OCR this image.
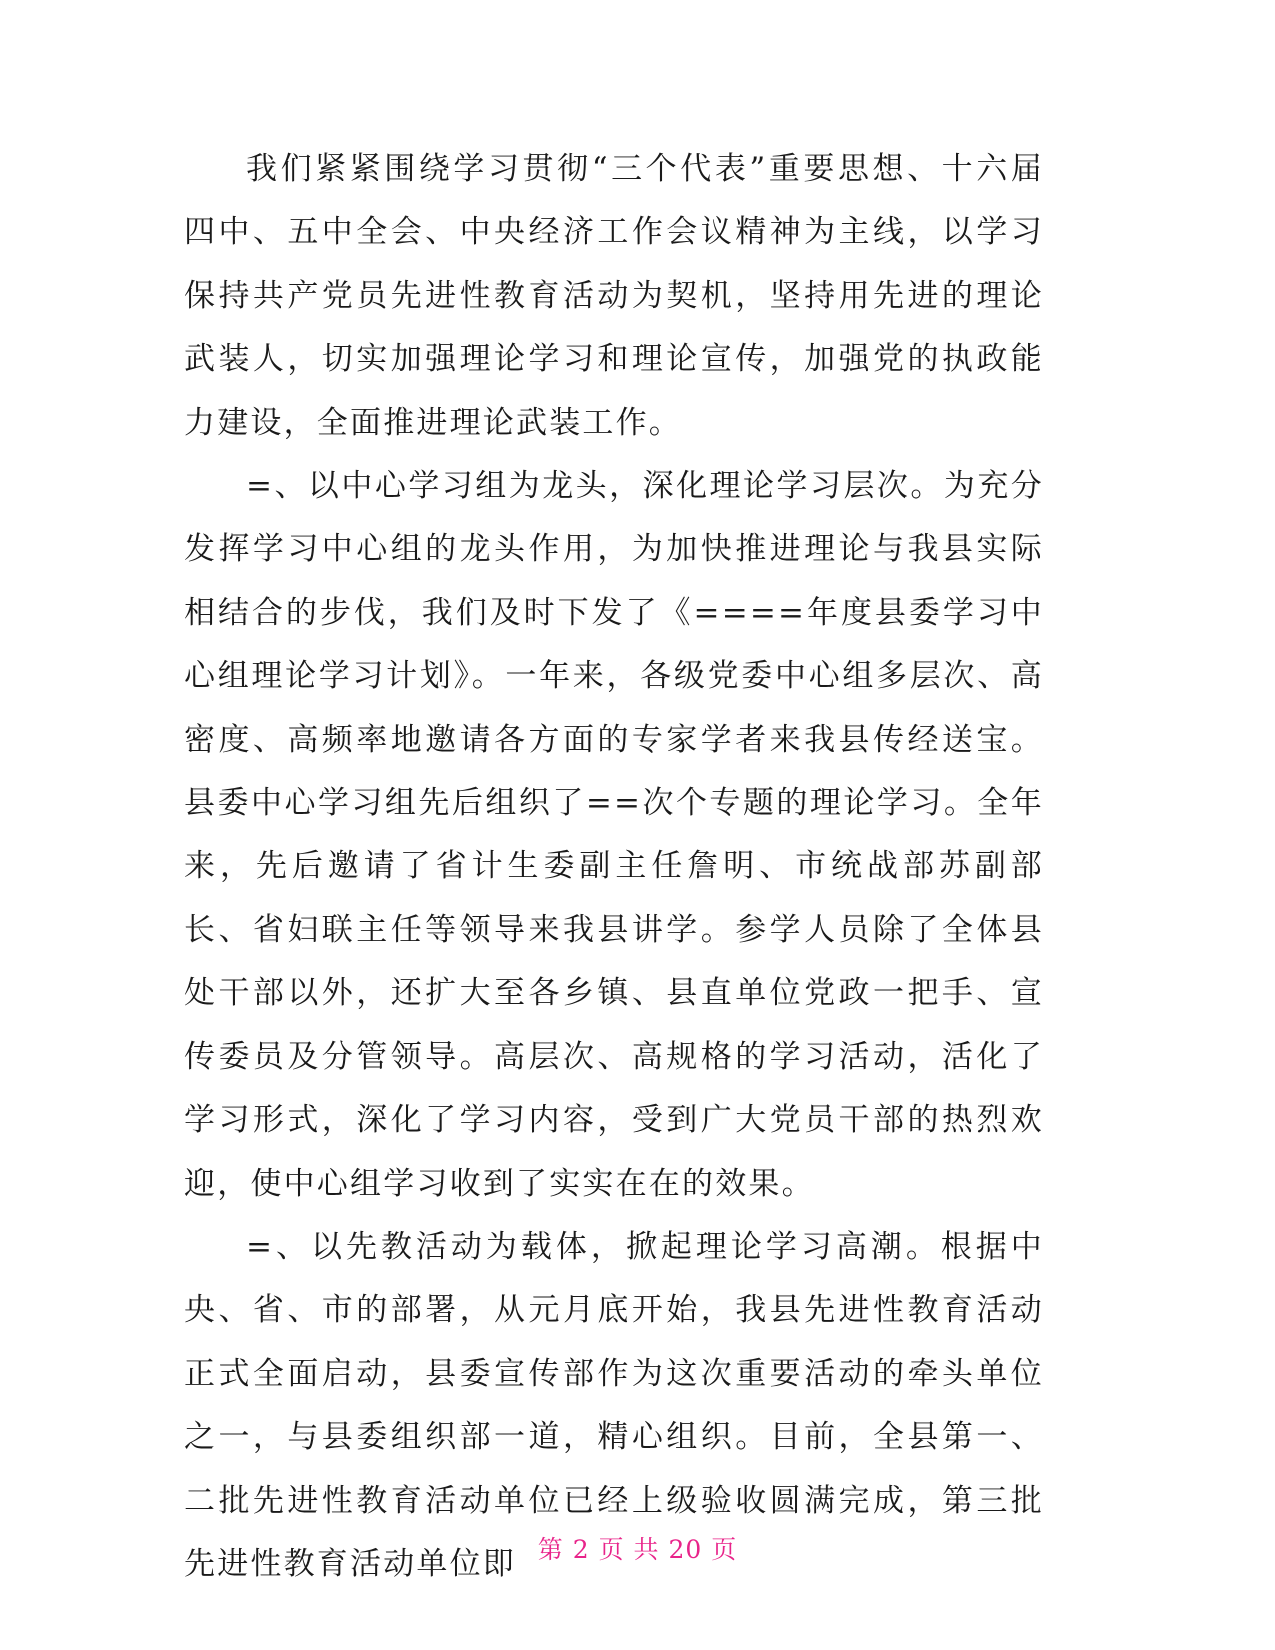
我们紧紧围绕学习贯彻“三个代表”重要思想、十六届四中、五中全会、中央经济工作会议精神为主线，以学习保持共产党员先进性教育活动为契机，坚持用先进的理论武装人，切实加强理论学习和理论宣传，加强党的执政能力建设，全面推进理论武装工作。

=、以中心学习组为龙头，深化理论学习层次。为充分发挥学习中心组的龙头作用，为加快推进理论与我县实际相结合的步伐，我们及时下发了《====年度县委学习中心组理论学习计划》。一年来，各级党委中心组多层次、高密度、高频率地邀请各方面的专家学者来我县传经送宝。县委中心学习组先后组织了==次个专题的理论学习。全年来，先后邀请了省计生委副主任詹明、市统战部苏副部长、省妇联主任等领导来我县讲学。参学人员除了全体县处干部以外，还扩大至各乡镇、县直单位党政一把手、宣传委员及分管领导。高层次、高规格的学习活动，活化了学习形式，深化了学习内容，受到广大党员干部的热烈欢迎，使中心组学习收到了实实在在的效果。

=、以先教活动为载体，掀起理论学习高潮。根据中央、省、市的部署，从元月底开始，我县先进性教育活动正式全面启动，县委宣传部作为这次重要活动的牵头单位之一，与县委组织部一道，精心组织。目前，全县第一、二批先进性教育活动单位已经上级验收圆满完成，第三批先进性教育活动单位即 第 2 页 共 20 页
